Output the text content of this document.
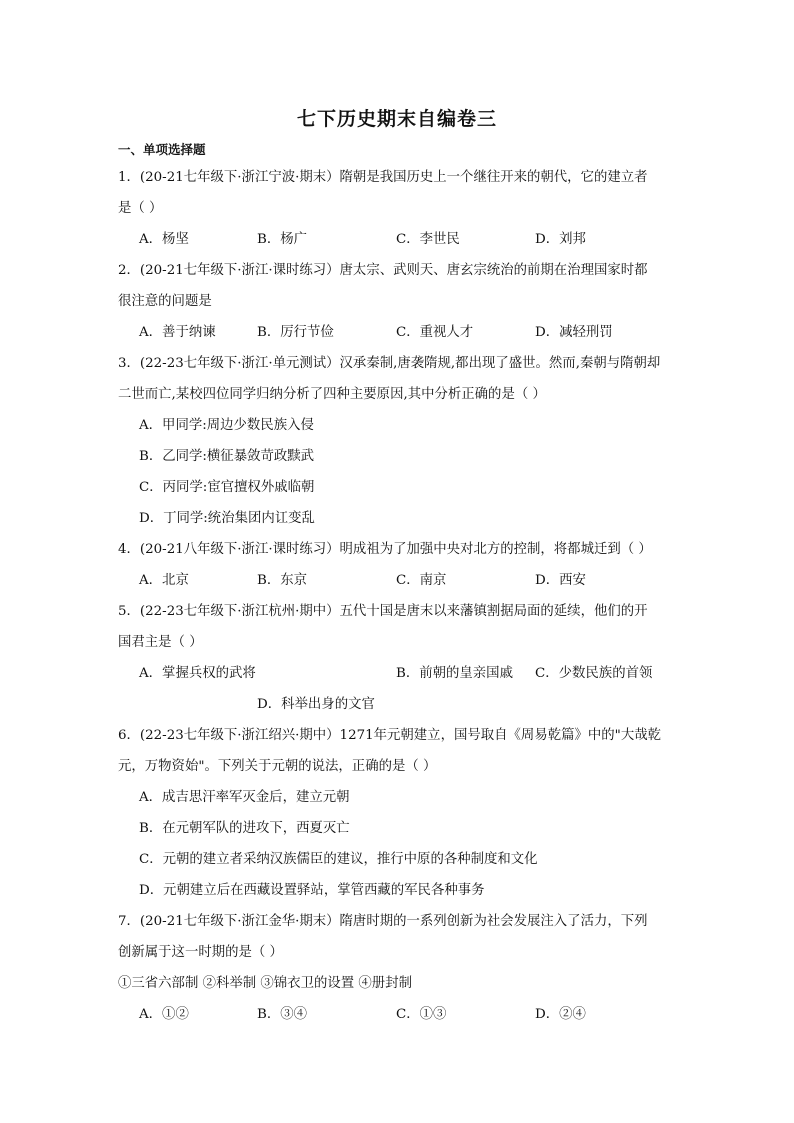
七下历史期末自编卷三
一、单项选择题
1．(20-21七年级下·浙江宁波·期末）隋朝是我国历史上一个继往开来的朝代，它的建立者
是（ ）
A．杨坚	B．杨广	C．李世民	D．刘邦
2．(20-21七年级下·浙江·课时练习）唐太宗、武则天、唐玄宗统治的前期在治理国家时都
很注意的问题是
A．善于纳谏	B．厉行节俭	C．重视人才	D．减轻刑罚
3．(22-23七年级下·浙江·单元测试）汉承秦制,唐袭隋规,都出现了盛世。然而,秦朝与隋朝却
二世而亡,某校四位同学归纳分析了四种主要原因,其中分析正确的是（ ）
A．甲同学:周边少数民族入侵
B．乙同学:横征暴敛苛政黩武
C．丙同学:宦官擅权外戚临朝
D．丁同学:统治集团内讧变乱
4．(20-21八年级下·浙江·课时练习）明成祖为了加强中央对北方的控制，将都城迁到（ ）
A．北京	B．东京	C．南京	D．西安
5．(22-23七年级下·浙江杭州·期中）五代十国是唐末以来藩镇割据局面的延续，他们的开
国君主是（ ）
A．掌握兵权的武将	B．前朝的皇亲国戚 C．少数民族的首领
D．科举出身的文官
6．(22-23七年级下·浙江绍兴·期中）1271年元朝建立，国号取自《周易乾篇》中的"大哉乾
元，万物资始"。下列关于元朝的说法，正确的是（ ）
A．成吉思汗率军灭金后，建立元朝
B．在元朝军队的进攻下，西夏灭亡
C．元朝的建立者采纳汉族儒臣的建议，推行中原的各种制度和文化
D．元朝建立后在西藏设置驿站，掌管西藏的军民各种事务
7．(20-21七年级下·浙江金华·期末）隋唐时期的一系列创新为社会发展注入了活力，下列
创新属于这一时期的是（ ）
①三省六部制 ②科举制 ③锦衣卫的设置 ④册封制
A．①②	B．③④	C．①③	D．②④
